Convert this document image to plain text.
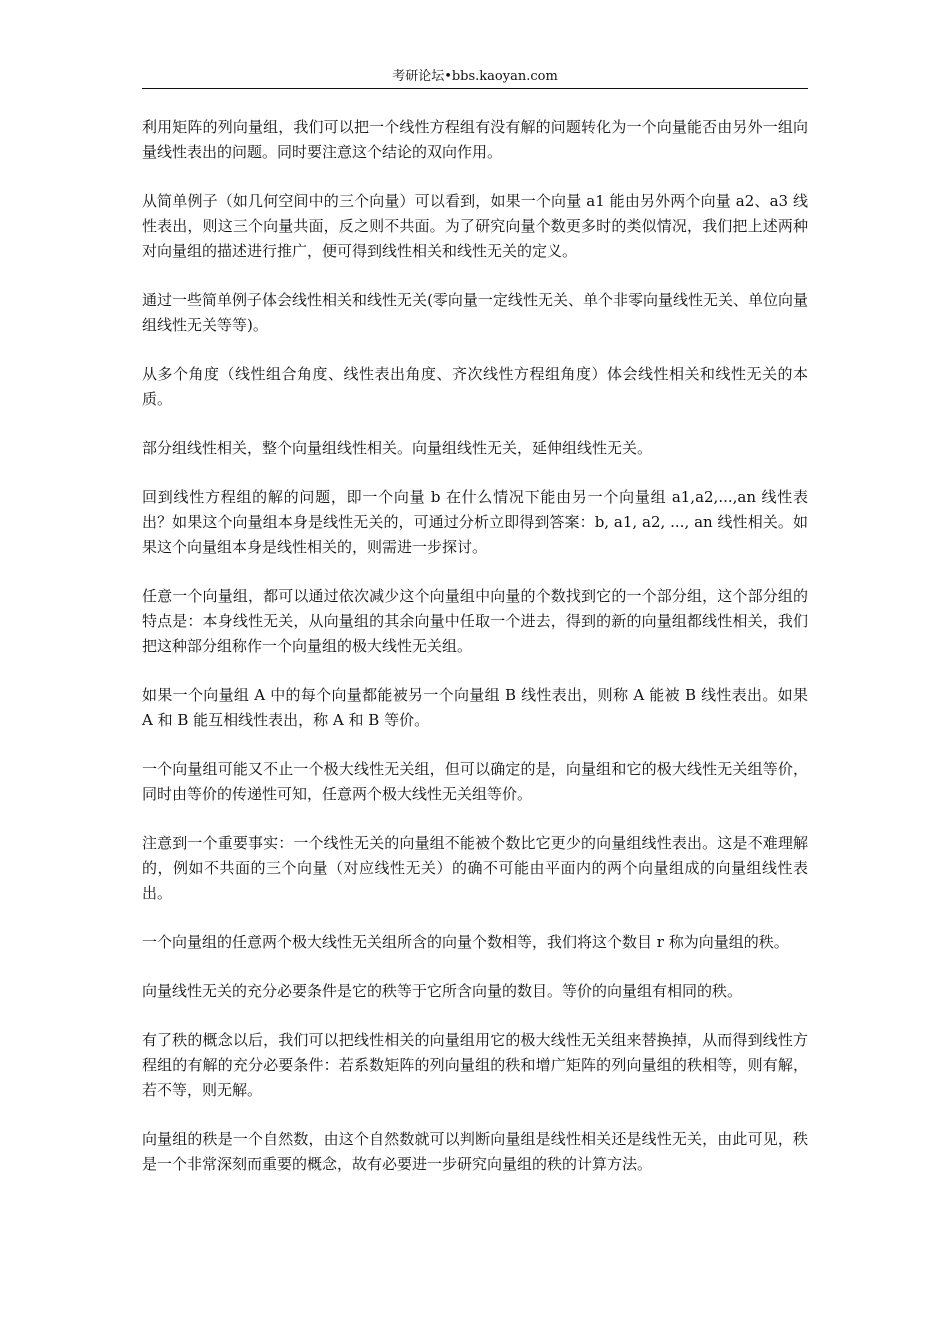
考研论坛•bbs.kaoyan.com

利用矩阵的列向量组，我们可以把一个线性方程组有没有解的问题转化为一个向量能否由另外一组向量线性表出的问题。同时要注意这个结论的双向作用。

从简单例子（如几何空间中的三个向量）可以看到，如果一个向量 a1 能由另外两个向量 a2、a3 线性表出，则这三个向量共面，反之则不共面。为了研究向量个数更多时的类似情况，我们把上述两种对向量组的描述进行推广，便可得到线性相关和线性无关的定义。

通过一些简单例子体会线性相关和线性无关(零向量一定线性无关、单个非零向量线性无关、单位向量组线性无关等等)。

从多个角度（线性组合角度、线性表出角度、齐次线性方程组角度）体会线性相关和线性无关的本质。

部分组线性相关，整个向量组线性相关。向量组线性无关，延伸组线性无关。

回到线性方程组的解的问题，即一个向量 b 在什么情况下能由另一个向量组 a1,a2,...,an 线性表出？如果这个向量组本身是线性无关的，可通过分析立即得到答案：b, a1, a2, ..., an 线性相关。如果这个向量组本身是线性相关的，则需进一步探讨。

任意一个向量组，都可以通过依次减少这个向量组中向量的个数找到它的一个部分组，这个部分组的特点是：本身线性无关，从向量组的其余向量中任取一个进去，得到的新的向量组都线性相关，我们把这种部分组称作一个向量组的极大线性无关组。

如果一个向量组 A 中的每个向量都能被另一个向量组 B 线性表出，则称 A 能被 B 线性表出。如果 A 和 B 能互相线性表出，称 A 和 B 等价。

一个向量组可能又不止一个极大线性无关组，但可以确定的是，向量组和它的极大线性无关组等价，同时由等价的传递性可知，任意两个极大线性无关组等价。

注意到一个重要事实：一个线性无关的向量组不能被个数比它更少的向量组线性表出。这是不难理解的，例如不共面的三个向量（对应线性无关）的确不可能由平面内的两个向量组成的向量组线性表出。

一个向量组的任意两个极大线性无关组所含的向量个数相等，我们将这个数目 r 称为向量组的秩。

向量线性无关的充分必要条件是它的秩等于它所含向量的数目。等价的向量组有相同的秩。

有了秩的概念以后，我们可以把线性相关的向量组用它的极大线性无关组来替换掉，从而得到线性方程组的有解的充分必要条件：若系数矩阵的列向量组的秩和增广矩阵的列向量组的秩相等，则有解，若不等，则无解。

向量组的秩是一个自然数，由这个自然数就可以判断向量组是线性相关还是线性无关，由此可见，秩是一个非常深刻而重要的概念，故有必要进一步研究向量组的秩的计算方法。
